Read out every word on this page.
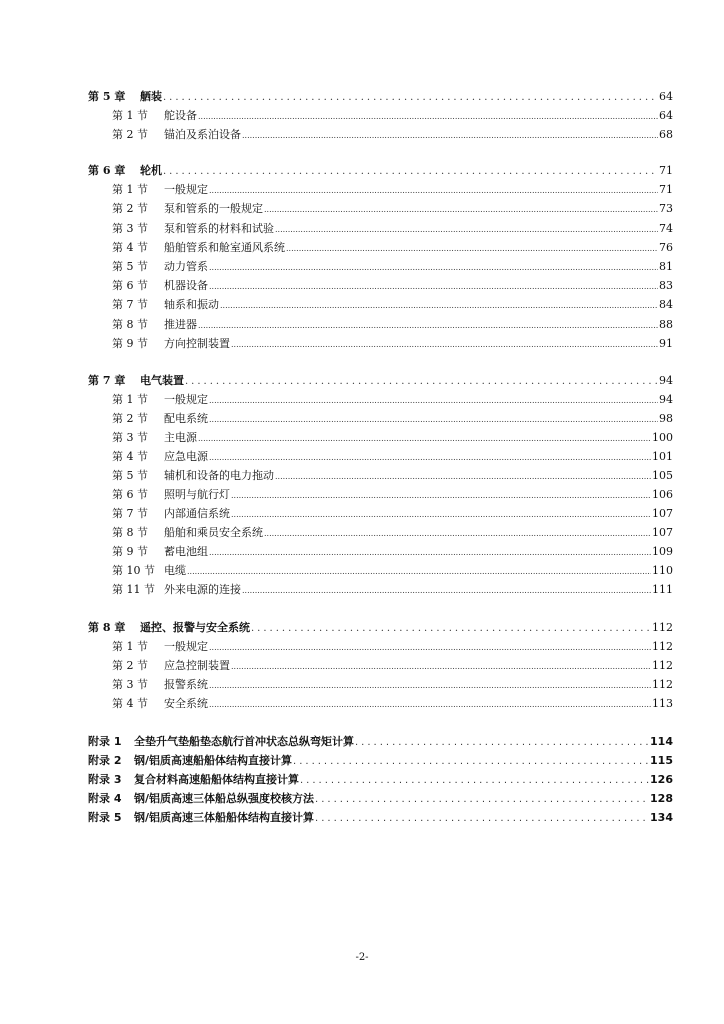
第 5 章	舾装 .....	64
第 1 节	舵设备 .....	64
第 2 节	锚泊及系泊设备 .....	68
第 6 章	轮机 .....	71
第 1 节	一般规定 .....	71
第 2 节	泵和管系的一般规定 .....	73
第 3 节	泵和管系的材料和试验 .....	74
第 4 节	船舶管系和舱室通风系统 .....	76
第 5 节	动力管系 .....	81
第 6 节	机器设备 .....	83
第 7 节	轴系和振动 .....	84
第 8 节	推进器 .....	88
第 9 节	方向控制装置 .....	91
第 7 章	电气装置 .....	94
第 1 节	一般规定 .....	94
第 2 节	配电系统 .....	98
第 3 节	主电源 .....	100
第 4 节	应急电源 .....	101
第 5 节	辅机和设备的电力拖动 .....	105
第 6 节	照明与航行灯 .....	106
第 7 节	内部通信系统 .....	107
第 8 节	船舶和乘员安全系统 .....	107
第 9 节	蓄电池组 .....	109
第 10 节 电缆 .....	110
第 11 节 外来电源的连接 .....	111
第 8 章	遥控、报警与安全系统 .....	112
第 1 节	一般规定 .....	112
第 2 节	应急控制装置 .....	112
第 3 节	报警系统 .....	112
第 4 节	安全系统 .....	113
附录 1	全垫升气垫船垫态航行首冲状态总纵弯矩计算 .....	114
附录 2	钢/铝质高速船船体结构直接计算 .....	115
附录 3	复合材料高速船船体结构直接计算 .....	126
附录 4	钢/铝质高速三体船总纵强度校核方法 .....	128
附录 5	钢/铝质高速三体船船体结构直接计算 .....	134
-2-
